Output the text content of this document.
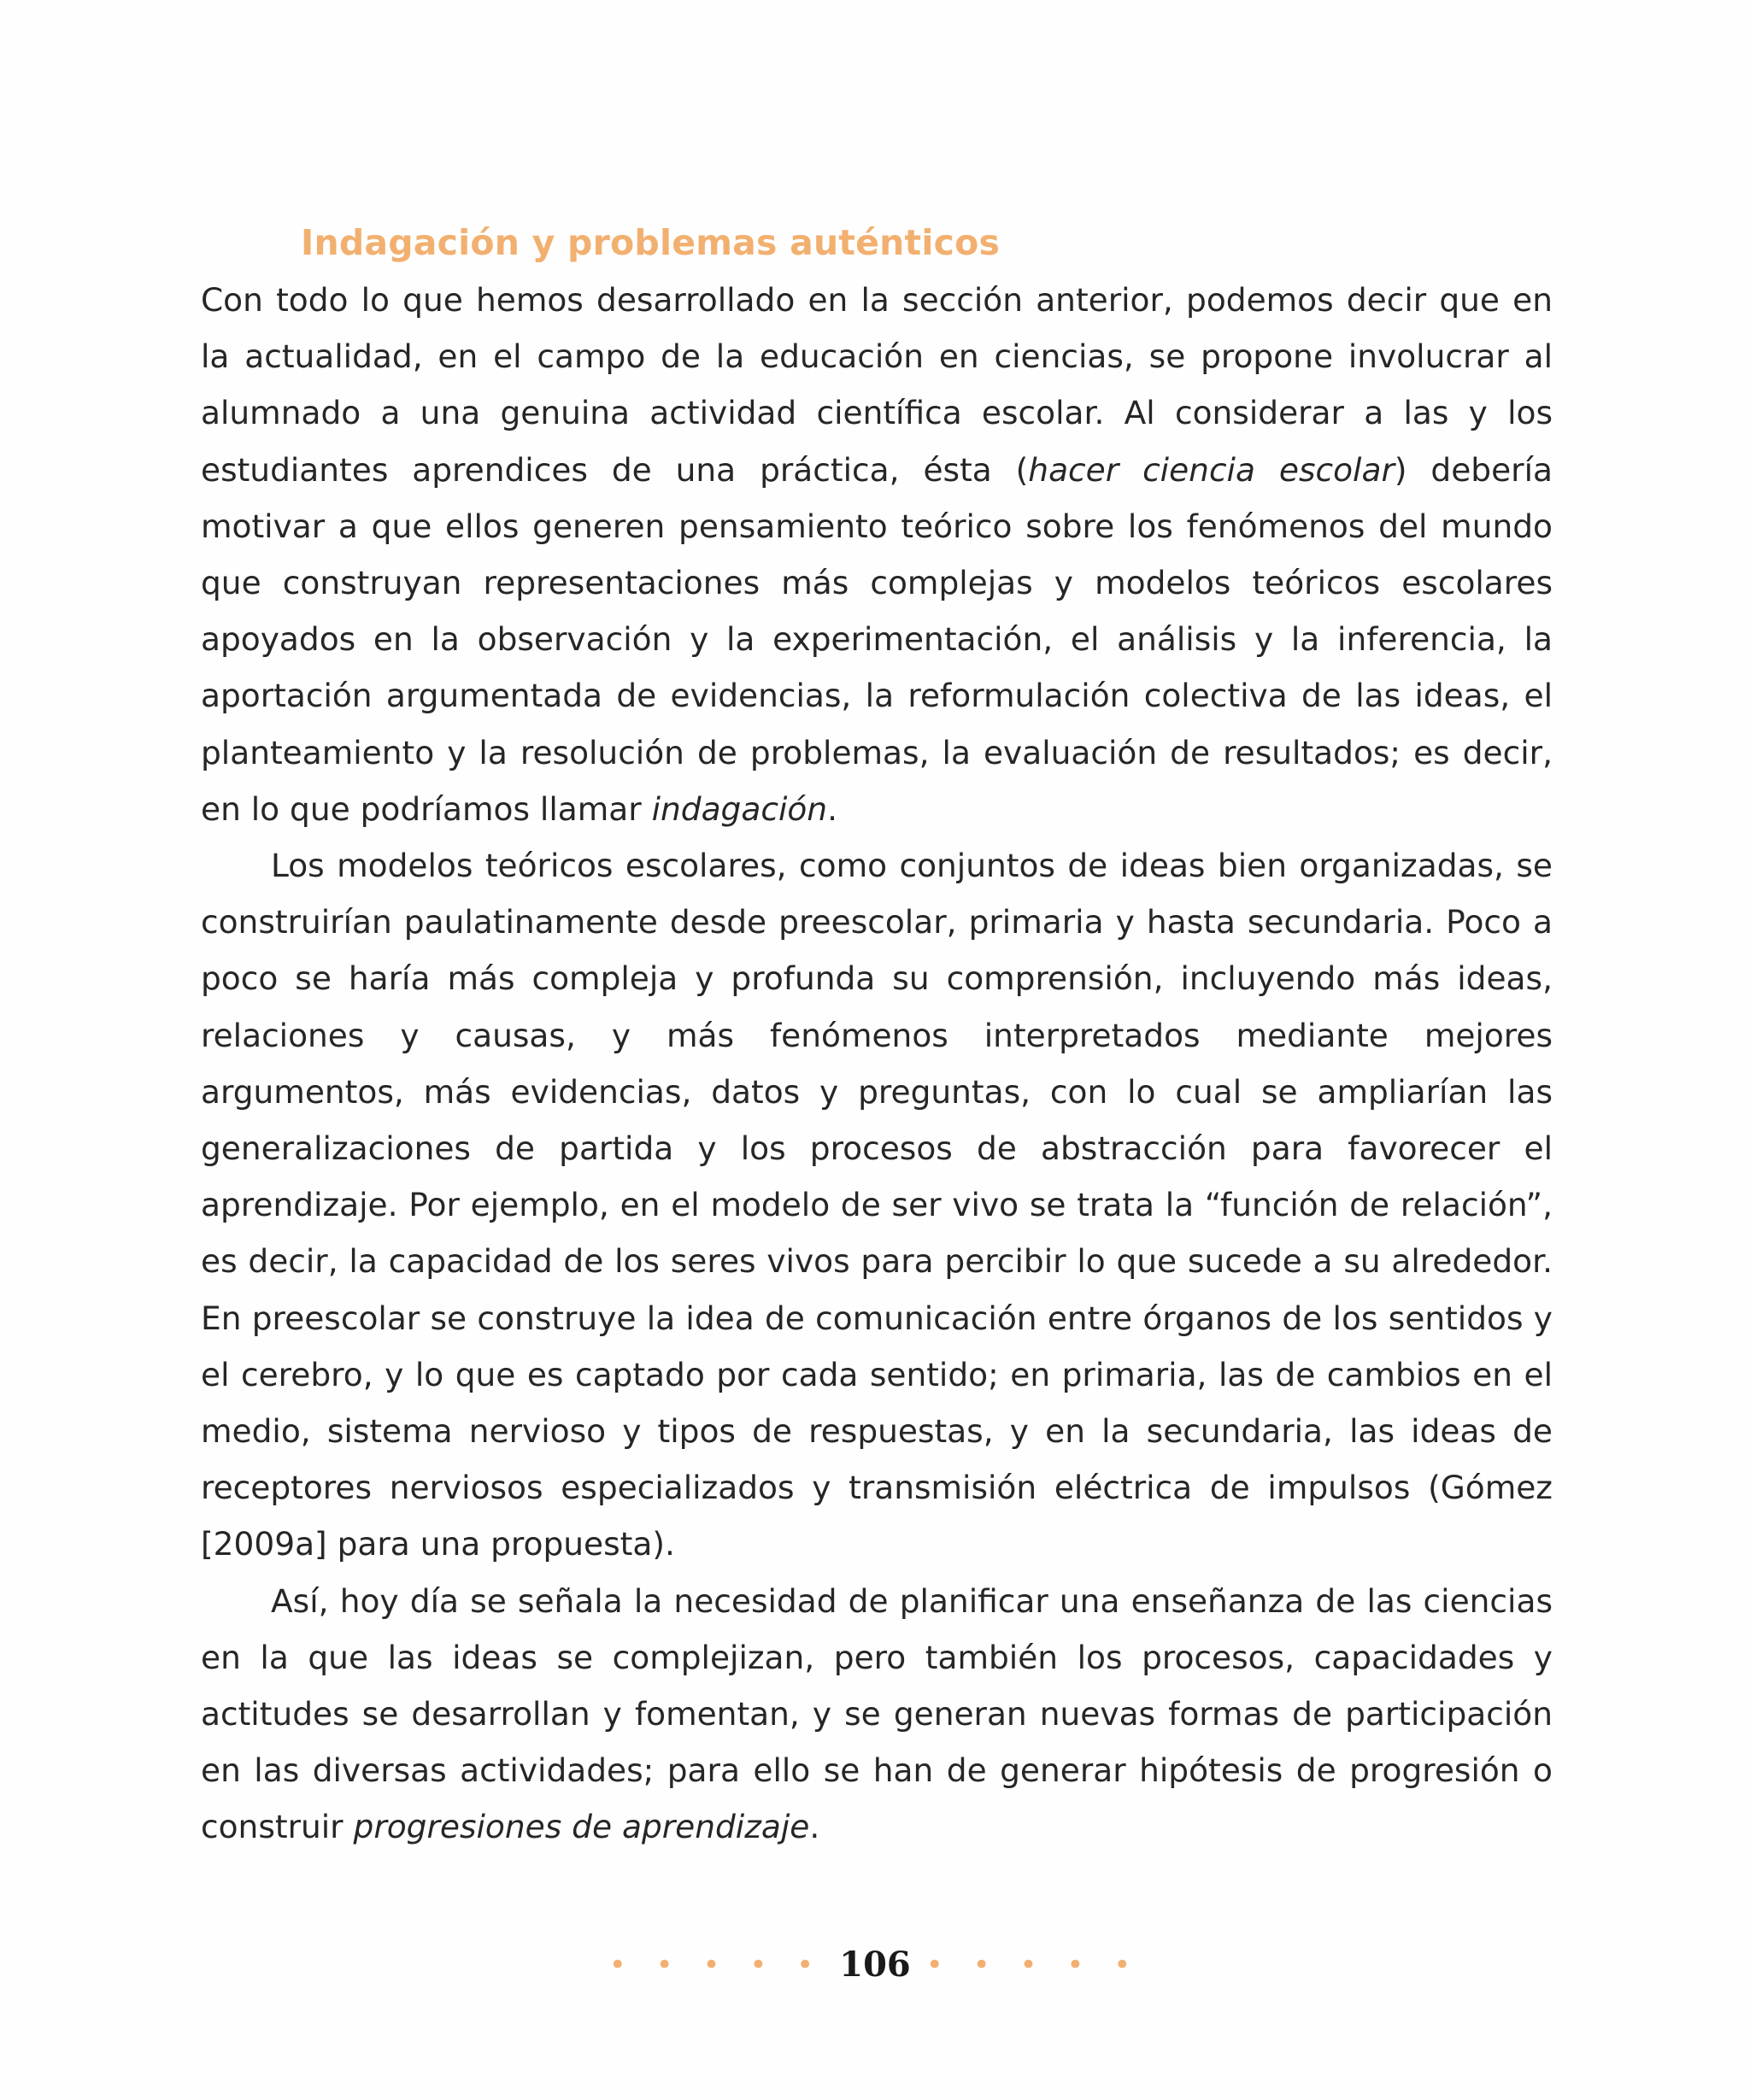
Indagación y problemas auténticos

Con todo lo que hemos desarrollado en la sección anterior, podemos decir que en la actualidad, en el campo de la educación en ciencias, se propone involucrar al alumnado a una genuina actividad científica escolar. Al considerar a las y los estudiantes aprendices de una práctica, ésta (hacer ciencia escolar) debería motivar a que ellos generen pensamiento teórico sobre los fenómenos del mundo que construyan representaciones más complejas y modelos teóricos escolares apoyados en la observación y la experimentación, el análisis y la inferencia, la aportación argumentada de evidencias, la reformulación colectiva de las ideas, el planteamiento y la resolución de problemas, la evaluación de resultados; es decir, en lo que podríamos llamar indagación.

Los modelos teóricos escolares, como conjuntos de ideas bien organizadas, se construirían paulatinamente desde preescolar, primaria y hasta secundaria. Poco a poco se haría más compleja y profunda su comprensión, incluyendo más ideas, relaciones y causas, y más fenómenos interpretados mediante mejores argumentos, más evidencias, datos y preguntas, con lo cual se ampliarían las generalizaciones de partida y los procesos de abstracción para favorecer el aprendizaje. Por ejemplo, en el modelo de ser vivo se trata la “función de relación”, es decir, la capacidad de los seres vivos para percibir lo que sucede a su alrededor. En preescolar se construye la idea de comunicación entre órganos de los sentidos y el cerebro, y lo que es captado por cada sentido; en primaria, las de cambios en el medio, sistema nervioso y tipos de respuestas, y en la secundaria, las ideas de receptores nerviosos especializados y transmisión eléctrica de impulsos (Gómez [2009a] para una propuesta).

Así, hoy día se señala la necesidad de planificar una enseñanza de las ciencias en la que las ideas se complejizan, pero también los procesos, capacidades y actitudes se desarrollan y fomentan, y se generan nuevas formas de participación en las diversas actividades; para ello se han de generar hipótesis de progresión o construir progresiones de aprendizaje.

• • • • • 106 • • • • •
